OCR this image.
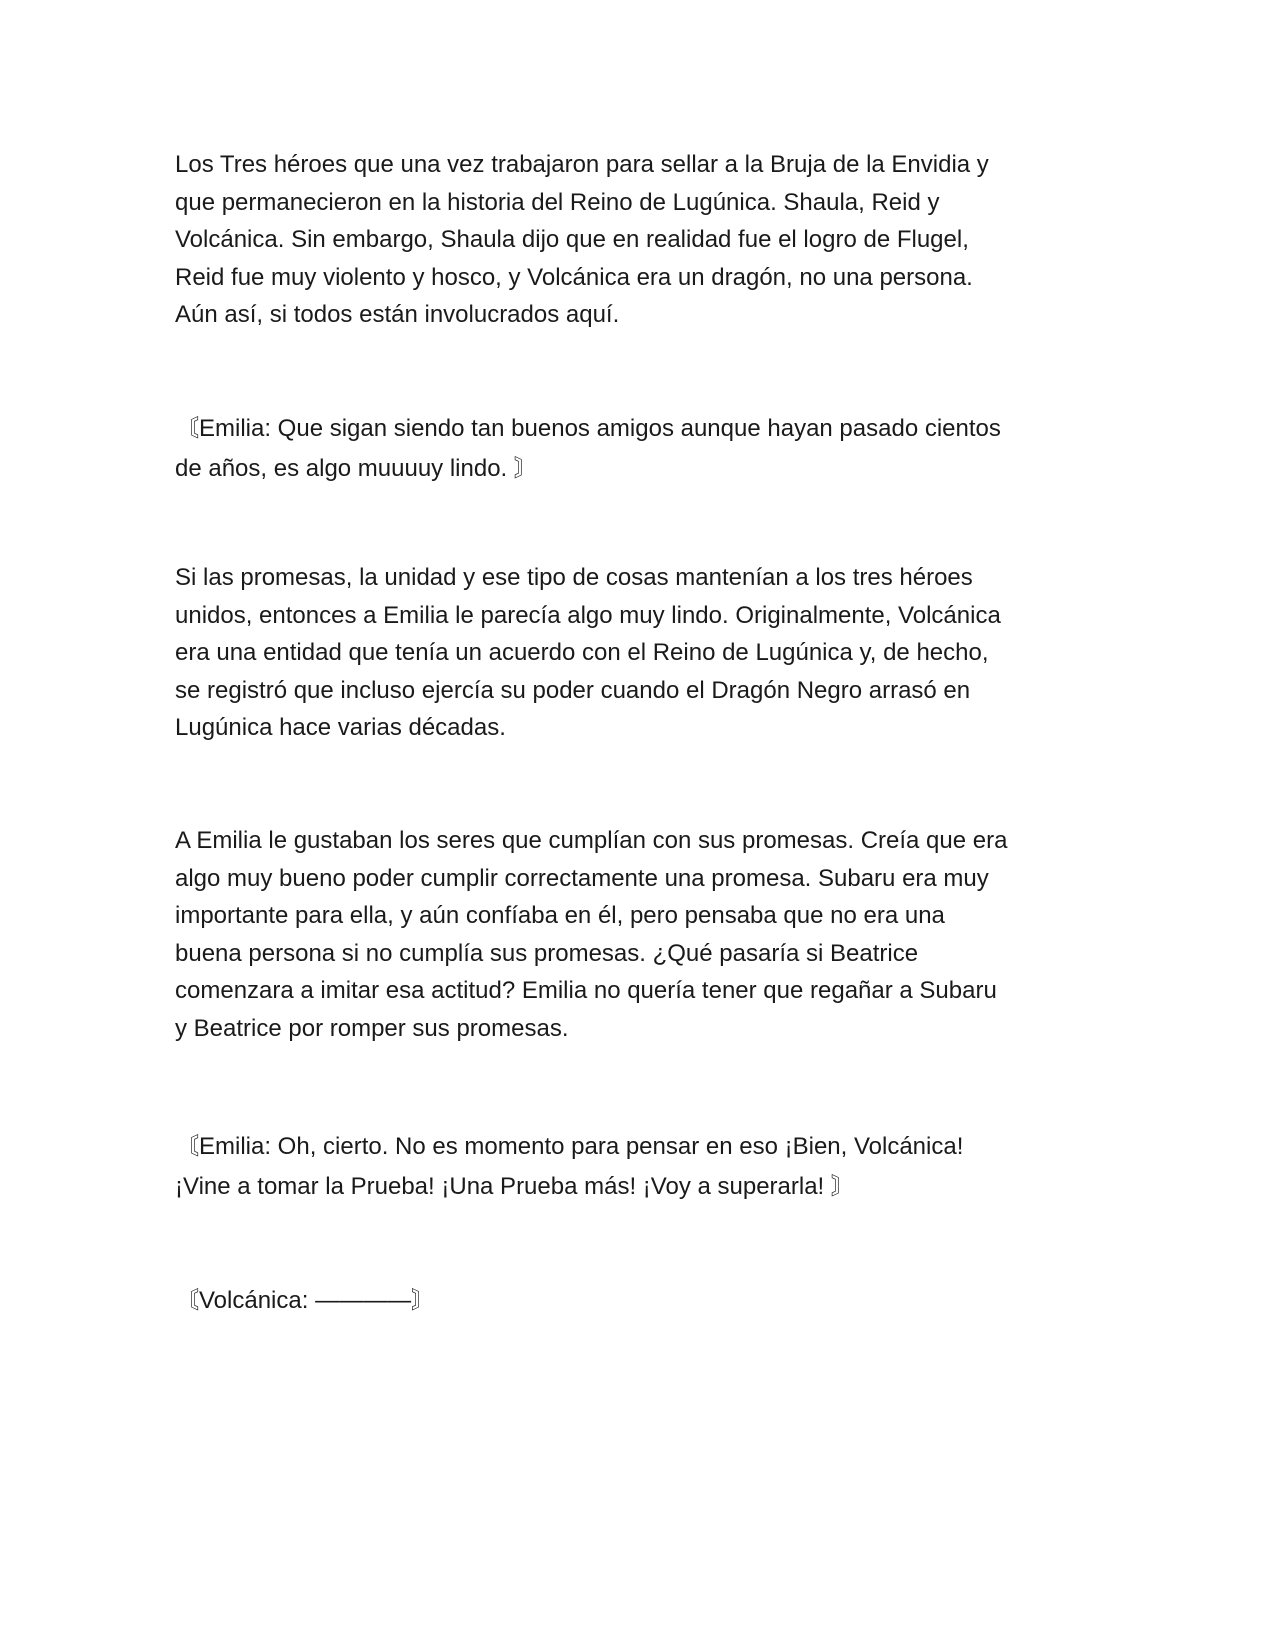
Los Tres héroes que una vez trabajaron para sellar a la Bruja de la Envidia y
que permanecieron en la historia del Reino de Lugúnica. Shaula, Reid y
Volcánica. Sin embargo, Shaula dijo que en realidad fue el logro de Flugel,
Reid fue muy violento y hosco, y Volcánica era un dragón, no una persona.
Aún así, si todos están involucrados aquí.

〘Emilia: Que sigan siendo tan buenos amigos aunque hayan pasado cientos
de años, es algo muuuuy lindo. 〙

Si las promesas, la unidad y ese tipo de cosas mantenían a los tres héroes
unidos, entonces a Emilia le parecía algo muy lindo. Originalmente, Volcánica
era una entidad que tenía un acuerdo con el Reino de Lugúnica y, de hecho,
se registró que incluso ejercía su poder cuando el Dragón Negro arrasó en
Lugúnica hace varias décadas.

A Emilia le gustaban los seres que cumplían con sus promesas. Creía que era
algo muy bueno poder cumplir correctamente una promesa. Subaru era muy
importante para ella, y aún confíaba en él, pero pensaba que no era una
buena persona si no cumplía sus promesas. ¿Qué pasaría si Beatrice
comenzara a imitar esa actitud? Emilia no quería tener que regañar a Subaru
y Beatrice por romper sus promesas.

〘Emilia: Oh, cierto. No es momento para pensar en eso ¡Bien, Volcánica!
¡Vine a tomar la Prueba! ¡Una Prueba más! ¡Voy a superarla! 〙

〘Volcánica: ————〙
